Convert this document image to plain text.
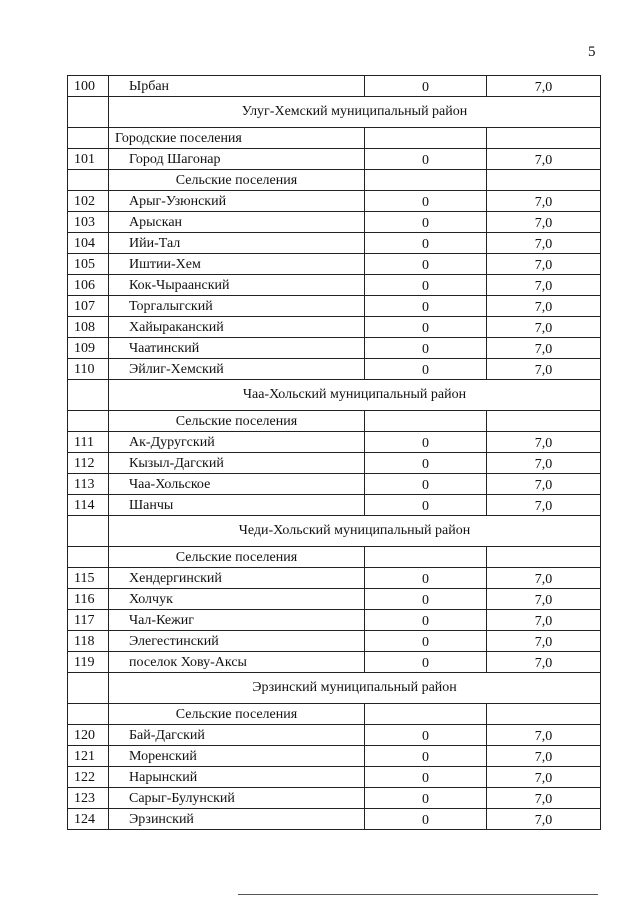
5
100	Ырбан	0	7,0
	Улуг-Хемский муниципальный район		
	Городские поселения		
101	Город Шагонар	0	7,0
	Сельские поселения		
102	Арыг-Узюнский	0	7,0
103	Арыскан	0	7,0
104	Ийи-Тал	0	7,0
105	Иштии-Хем	0	7,0
106	Кок-Чыраанский	0	7,0
107	Торгалыгский	0	7,0
108	Хайыраканский	0	7,0
109	Чаатинский	0	7,0
110	Эйлиг-Хемский	0	7,0
	Чаа-Хольский муниципальный район		
	Сельские поселения		
111	Ак-Дуругский	0	7,0
112	Кызыл-Дагский	0	7,0
113	Чаа-Хольское	0	7,0
114	Шанчы	0	7,0
	Чеди-Хольский муниципальный район		
	Сельские поселения		
115	Хендергинский	0	7,0
116	Холчук	0	7,0
117	Чал-Кежиг	0	7,0
118	Элегестинский	0	7,0
119	поселок Хову-Аксы	0	7,0
	Эрзинский муниципальный район		
	Сельские поселения		
120	Бай-Дагский	0	7,0
121	Моренский	0	7,0
122	Нарынский	0	7,0
123	Сарыг-Булунский	0	7,0
124	Эрзинский	0	7,0
